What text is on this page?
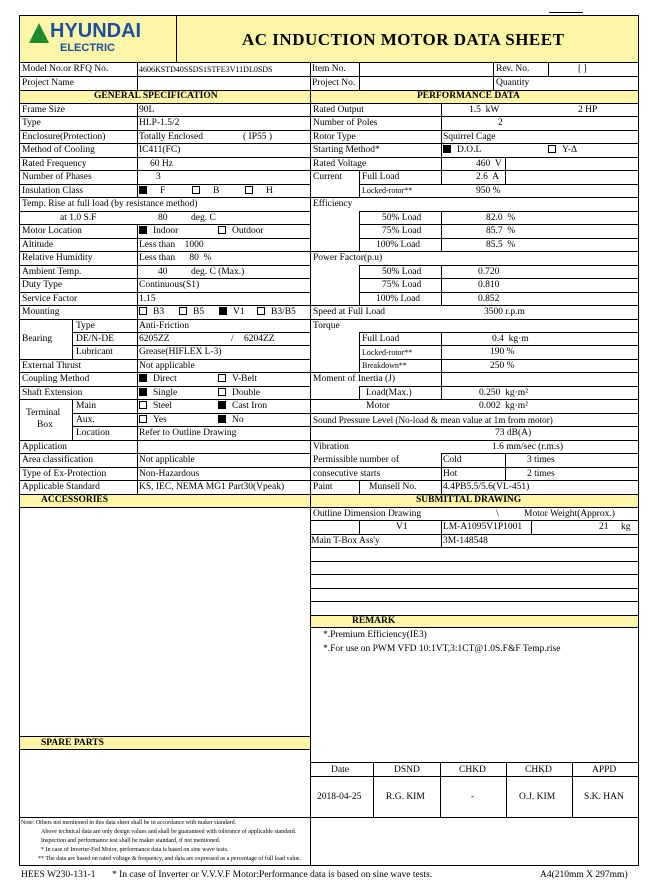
HYUNDAI
ELECTRIC	AC INDUCTION MOTOR DATA SHEET
Model No.or RFQ No.	4606KSTD40SSDS1STFE3V11DL0SDS	Item No.	Rev. No.	[ ]
Project Name	Project No.	Quantity
GENERAL SPECIFICATION	PERFORMANCE DATA
Frame Size	90L
Type	HLP-1.5/2
Enclosure(Protection)	Totally Enclosed	( IP55 )
Method of Cooling	IC411(FC)
Rated Frequency	60 Hz
Number of Phases	3
Insulation Class	F	B	H
Temp. Rise at full load (by resistance method)
at 1.0 S.F	80 deg. C
Motor Location	Indoor	Outdoor
Altitude	Less than    1000
Relative Humidity	Less than      80  %
Ambient Temp.	40 deg. C (Max.)
Duty Type	Continuous(S1)
Service Factor	1.15
Mounting	B3	B5	V1	B3/B5
Bearing
Type	Anti-Friction
DE/N-DE	6205ZZ	/ 6204ZZ
Lubricant	Grease(HIFLEX L-3)
External Thrust	Not applicable
Coupling Method	Direct	V-Belt
Shaft Extension	Single	Double
Terminal
Box
Main	Steel	Cast Iron
Aux.	Yes	No
Location	Refer to Outline Drawing
Application
Area classification	Not applicable
Type of Ex-Protection	Non-Hazardous
Applicable Standard	KS, IEC, NEMA MG1 Part30(Vpeak)
Rated Output	1.5  kW	2 HP
Number of Poles	2
Rotor Type	Squirrel Cage
Starting Method*	D.O.L	Y-Δ
Rated Voltage	460  V
Current Full Load	2.6  A
Locked-rotor**	950 %
Efficiency
50% Load	82.0  %
75% Load	85.7  %
100% Load	85.5  %
Power Factor(p.u)
50% Load	0.720
75% Load	0.810
100% Load	0.852
Speed at Full Load	3500 r.p.m
Torque
Full Load	0.4  kg·m
Locked-rotor**	190 %
Breakdown**	250 %
Moment of Inertia (J)
Load(Max.)	0.250  kg·m²
Motor	0.002  kg·m²
Sound Pressure Level (No-load & mean value at 1m from motor)
73 dB(A)
Vibration	1.6 mm/sec (r.m.s)
Permissible number of
consecutive starts
Cold	3 times
Hot	2 times
Paint	Munsell No.	4.4PB5.5/5.6(VL-451)
ACCESSORIES	SUBMITTAL DRAWING
Outline Dimension Drawing	\	Motor Weight(Approx.)
V1	LM-A1095V1P1001	21 kg
Main T-Box Ass'y	3M-148548
REMARK
*.Premium Efficiency(IE3)
*.For use on PWM VFD 10:1VT,3:1CT@1.0S.F&F Temp.rise
SPARE PARTS
Date	DSND	CHKD	CHKD	APPD
2018-04-25	R.G. KIM	-	O.J. KIM	S.K. HAN
Note: Others not mentioned in this data sheet shall be in accordance with maker standard.
Above technical data are only design values and shall be guaranteed with tolerance of applicable standard.
Inspection and performance test shall be maker standard, if not mentioned.
* In case of Inverter-Fed Motor, performance data is based on sine wave tests.
** The data are based on rated voltage & frequency, and data are expressed as a percentage of full load value.
HEES W230-131-1 * In case of Inverter or V.V.V.F Motor:Performance data is based on sine wave tests.	A4(210mm X 297mm)
